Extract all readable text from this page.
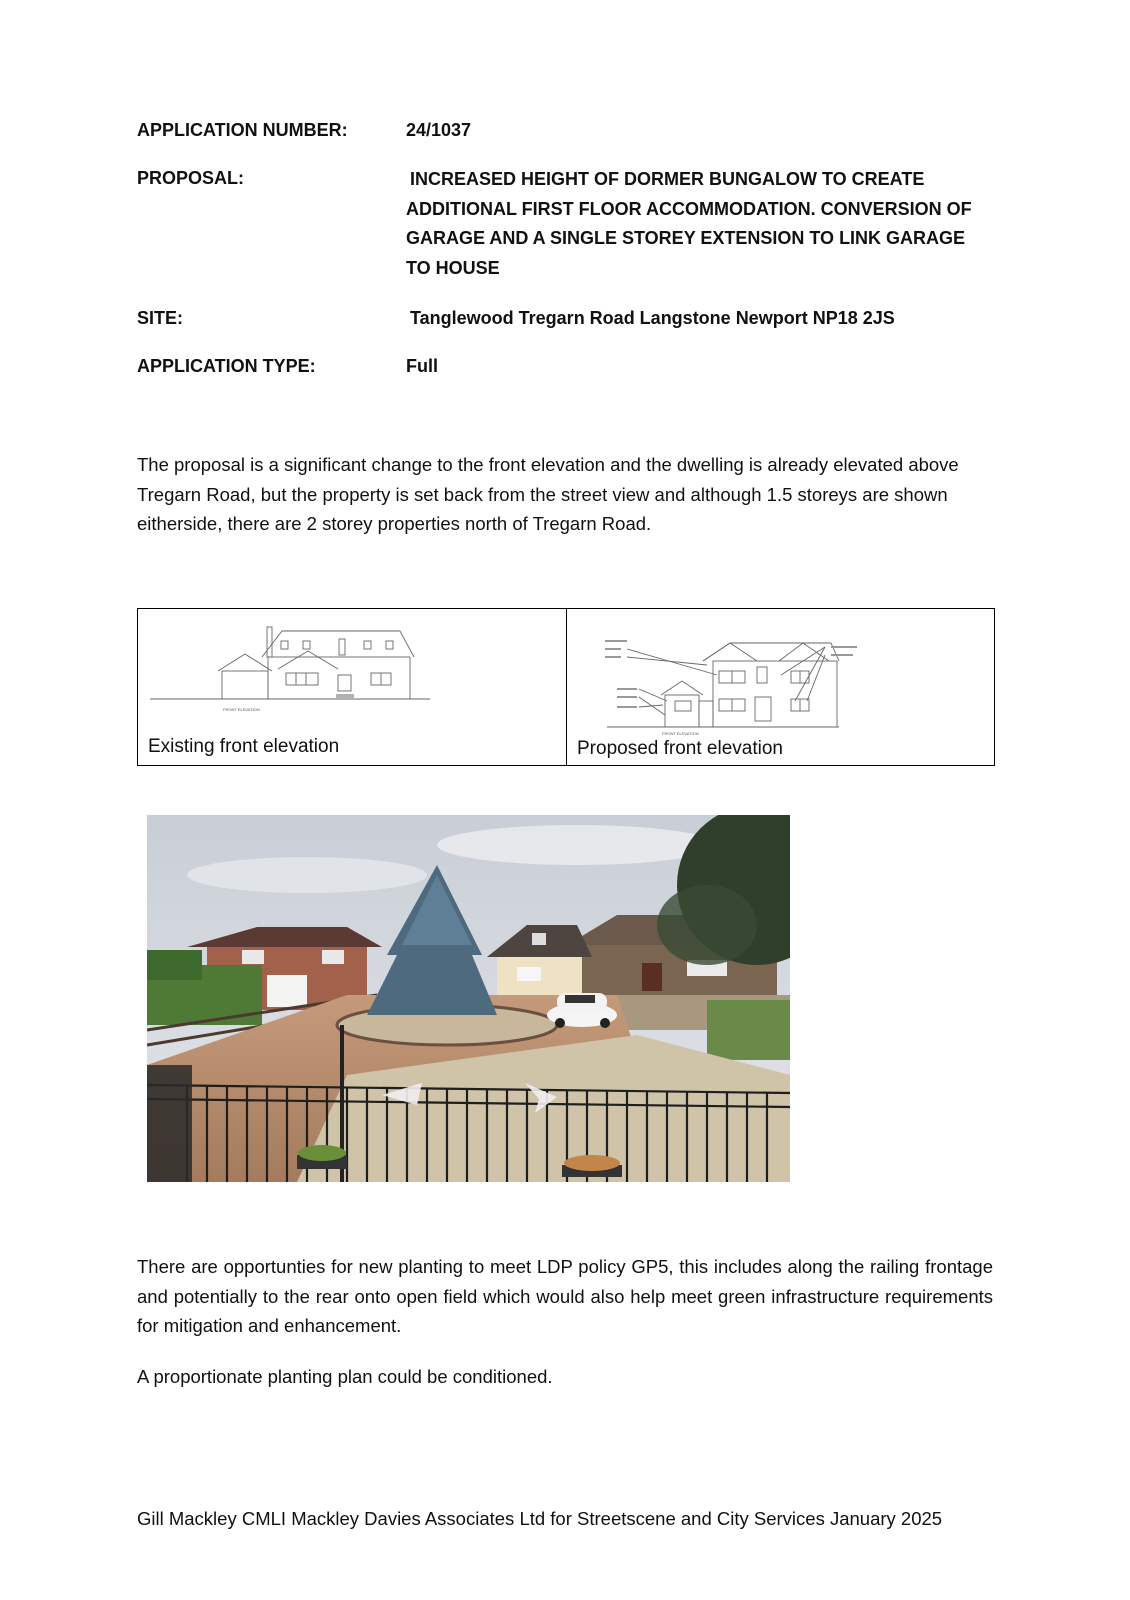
APPLICATION NUMBER:	24/1037
PROPOSAL:	INCREASED HEIGHT OF DORMER BUNGALOW TO CREATE ADDITIONAL FIRST FLOOR ACCOMMODATION. CONVERSION OF GARAGE AND A SINGLE STOREY EXTENSION TO LINK GARAGE TO HOUSE
SITE:	Tanglewood Tregarn Road Langstone Newport NP18 2JS
APPLICATION TYPE:	Full
The proposal is a significant change to the front elevation and the dwelling is already elevated above Tregarn Road, but the property is set back from the street view and although 1.5 storeys are shown eitherside, there are 2 storey properties north of Tregarn Road.
FRONT ELEVATION
Existing front elevation
FRONT ELEVATION
Proposed front elevation
There are opportunties for new planting to meet LDP policy GP5, this includes along the railing frontage and potentially to the rear onto open field which would also help meet green infrastructure requirements for mitigation and enhancement.
A proportionate planting plan could be conditioned.
Gill Mackley CMLI Mackley Davies Associates Ltd for Streetscene and City Services January 2025
